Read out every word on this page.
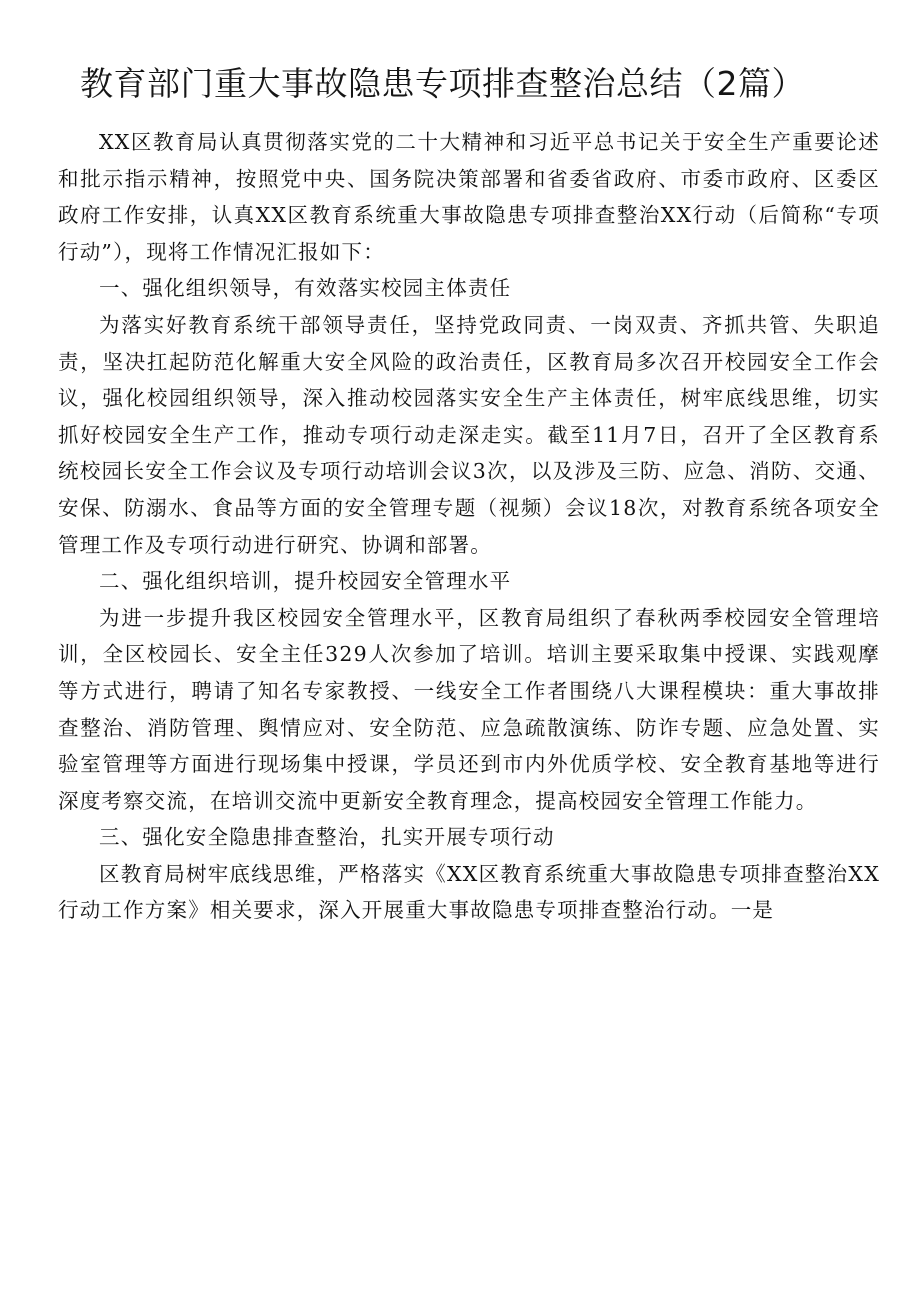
教育部门重大事故隐患专项排查整治总结（2篇）

XX区教育局认真贯彻落实党的二十大精神和习近平总书记关于安全生产重要论述和批示指示精神，按照党中央、国务院决策部署和省委省政府、市委市政府、区委区政府工作安排，认真XX区教育系统重大事故隐患专项排查整治XX行动（后简称“专项行动”），现将工作情况汇报如下：

一、强化组织领导，有效落实校园主体责任

为落实好教育系统干部领导责任，坚持党政同责、一岗双责、齐抓共管、失职追责，坚决扛起防范化解重大安全风险的政治责任，区教育局多次召开校园安全工作会议，强化校园组织领导，深入推动校园落实安全生产主体责任，树牢底线思维，切实抓好校园安全生产工作，推动专项行动走深走实。截至11月7日，召开了全区教育系统校园长安全工作会议及专项行动培训会议3次，以及涉及三防、应急、消防、交通、安保、防溺水、食品等方面的安全管理专题（视频）会议18次，对教育系统各项安全管理工作及专项行动进行研究、协调和部署。

二、强化组织培训，提升校园安全管理水平

为进一步提升我区校园安全管理水平，区教育局组织了春秋两季校园安全管理培训，全区校园长、安全主任329人次参加了培训。培训主要采取集中授课、实践观摩等方式进行，聘请了知名专家教授、一线安全工作者围绕八大课程模块：重大事故排查整治、消防管理、舆情应对、安全防范、应急疏散演练、防诈专题、应急处置、实验室管理等方面进行现场集中授课，学员还到市内外优质学校、安全教育基地等进行深度考察交流，在培训交流中更新安全教育理念，提高校园安全管理工作能力。

三、强化安全隐患排查整治，扎实开展专项行动

区教育局树牢底线思维，严格落实《XX区教育系统重大事故隐患专项排查整治XX行动工作方案》相关要求，深入开展重大事故隐患专项排查整治行动。一是
